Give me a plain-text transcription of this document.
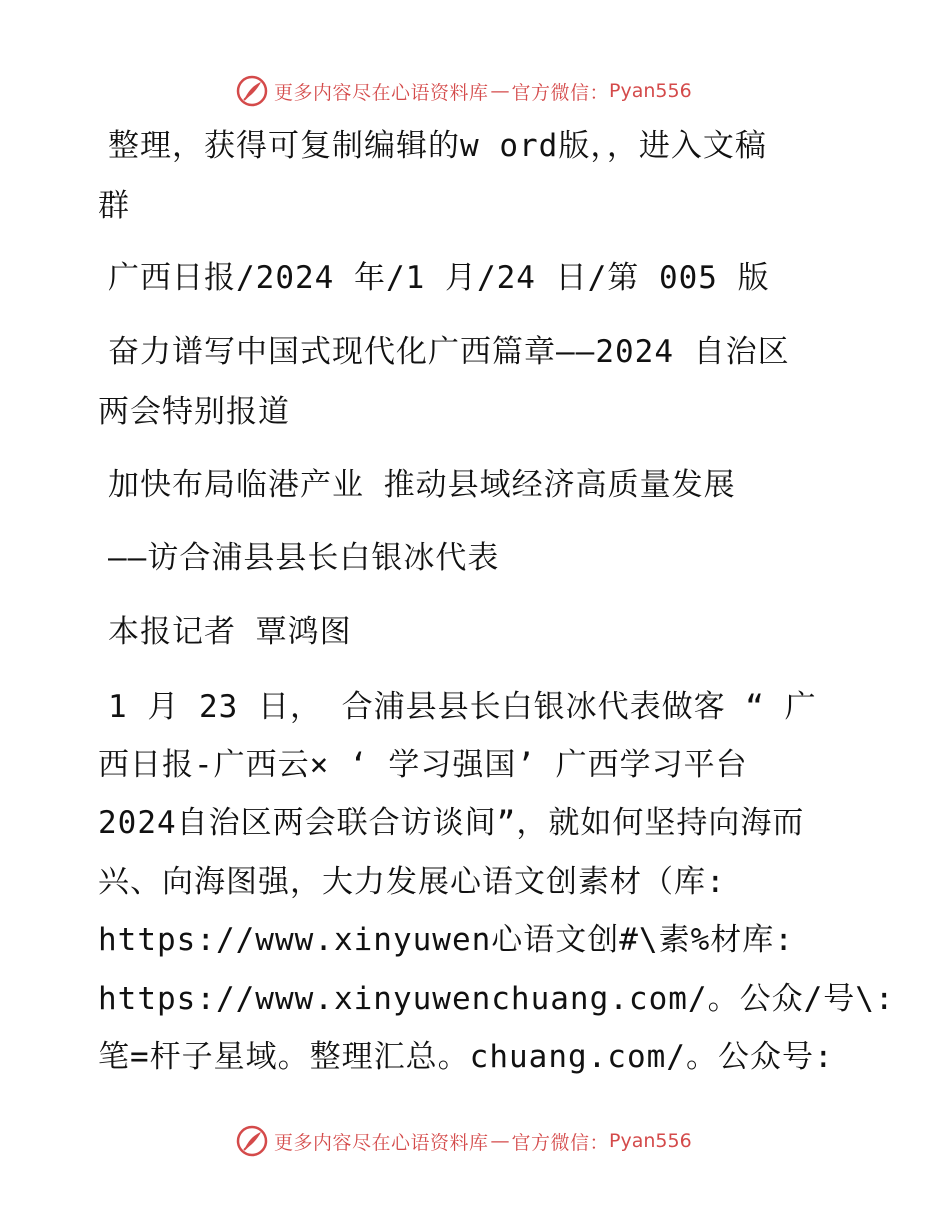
更多内容尽在心语资料库 — 官方微信： Pyan556
整理，获得可复制编辑的w ord版，，进入文稿
群
广西日报/2024 年/1 月/24 日/第 005 版
奋力谱写中国式现代化广西篇章——2024 自治区
两会特别报道
加快布局临港产业 推动县域经济高质量发展
——访合浦县县长白银冰代表
本报记者 覃鸿图
1 月 23 日， 合浦县县长白银冰代表做客 “ 广
西日报-广西云× ‘ 学习强国’ 广西学习平台
2024自治区两会联合访谈间”，就如何坚持向海而
兴、向海图强，大力发展心语文创素材（库:
https://www.xinyuwen心语文创#\素%材库:
https://www.xinyuwenchuang.com/。公众/号\:
笔=杆子星域。整理汇总。chuang.com/。公众号:
更多内容尽在心语资料库 — 官方微信： Pyan556
